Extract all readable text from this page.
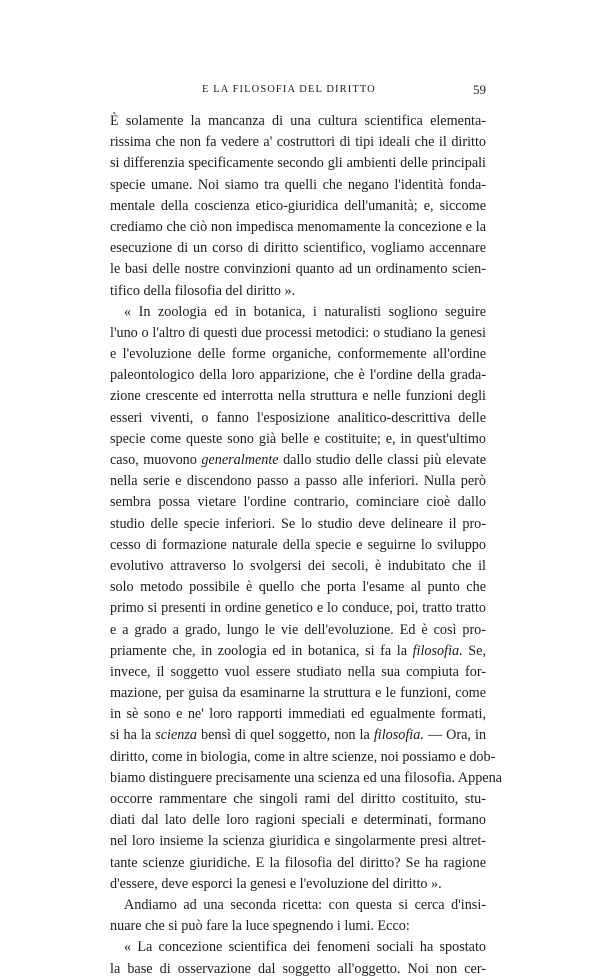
E LA FILOSOFIA DEL DIRITTO	59
È solamente la mancanza di una cultura scientifica elementa-
rissima che non fa vedere a' costruttori di tipi ideali che il diritto
si differenzia specificamente secondo gli ambienti delle principali
specie umane. Noi siamo tra quelli che negano l'identità fonda-
mentale della coscienza etico-giuridica dell'umanità; e, siccome
crediamo che ciò non impedisca menomamente la concezione e la
esecuzione di un corso di diritto scientifico, vogliamo accennare
le basi delle nostre convinzioni quanto ad un ordinamento scien-
tifico della filosofia del diritto ».
« In zoologia ed in botanica, i naturalisti sogliono seguire
l'uno o l'altro di questi due processi metodici: o studiano la genesi
e l'evoluzione delle forme organiche, conformemente all'ordine
paleontologico della loro apparizione, che è l'ordine della grada-
zione crescente ed interrotta nella struttura e nelle funzioni degli
esseri viventi, o fanno l'esposizione analitico-descrittiva delle
specie come queste sono già belle e costituite; e, in quest'ultimo
caso, muovono generalmente dallo studio delle classi più elevate
nella serie e discendono passo a passo alle inferiori. Nulla però
sembra possa vietare l'ordine contrario, cominciare cioè dallo
studio delle specie inferiori. Se lo studio deve delineare il pro-
cesso di formazione naturale della specie e seguirne lo sviluppo
evolutivo attraverso lo svolgersi dei secoli, è indubitato che il
solo metodo possibile è quello che porta l'esame al punto che
primo si presenti in ordine genetico e lo conduce, poi, tratto tratto
e a grado a grado, lungo le vie dell'evoluzione. Ed è così pro-
priamente che, in zoologia ed in botanica, si fa la filosofia. Se,
invece, il soggetto vuol essere studiato nella sua compiuta for-
mazione, per guisa da esaminarne la struttura e le funzioni, come
in sè sono e ne' loro rapporti immediati ed egualmente formati,
si ha la scienza bensì di quel soggetto, non la filosofia. — Ora, in
diritto, come in biologia, come in altre scienze, noi possiamo e dob-
biamo distinguere precisamente una scienza ed una filosofia. Appena
occorre rammentare che singoli rami del diritto costituito, stu-
diati dal lato delle loro ragioni speciali e determinati, formano
nel loro insieme la scienza giuridica e singolarmente presi altret-
tante scienze giuridiche. E la filosofia del diritto? Se ha ragione
d'essere, deve esporci la genesi e l'evoluzione del diritto ».
Andiamo ad una seconda ricetta: con questa si cerca d'insi-
nuare che si può fare la luce spegnendo i lumi. Ecco:
« La concezione scientifica dei fenomeni sociali ha spostato
la base di osservazione dal soggetto all'oggetto. Noi non cer-
